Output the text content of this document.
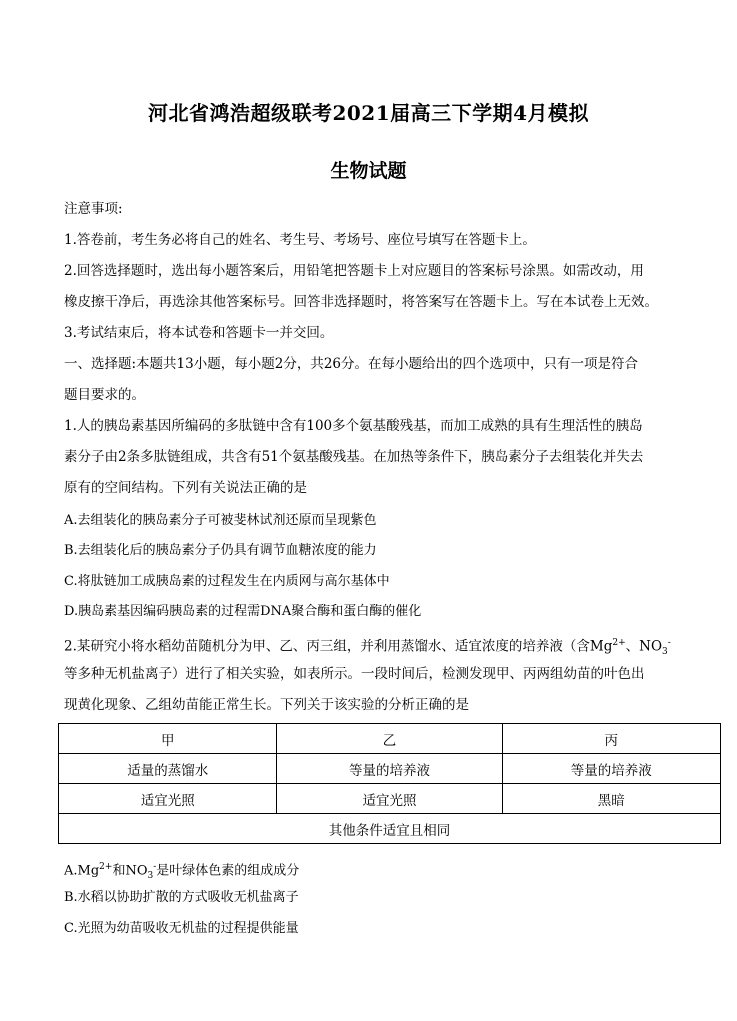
河北省鸿浩超级联考2021届高三下学期4月模拟
生物试题
注意事项:
1.答卷前，考生务必将自己的姓名、考生号、考场号、座位号填写在答题卡上。
2.回答选择题时，选出每小题答案后，用铅笔把答题卡上对应题目的答案标号涂黑。如需改动，用
橡皮擦干净后，再选涂其他答案标号。回答非选择题时，将答案写在答题卡上。写在本试卷上无效。
3.考试结束后，将本试卷和答题卡一并交回。
一、选择题:本题共13小题，每小题2分，共26分。在每小题给出的四个选项中，只有一项是符合
题目要求的。
1.人的胰岛素基因所编码的多肽链中含有100多个氨基酸残基，而加工成熟的具有生理活性的胰岛
素分子由2条多肽链组成，共含有51个氨基酸残基。在加热等条件下，胰岛素分子去组装化并失去
原有的空间结构。下列有关说法正确的是
A.去组装化的胰岛素分子可被斐林试剂还原而呈现紫色
B.去组装化后的胰岛素分子仍具有调节血糖浓度的能力
C.将肽链加工成胰岛素的过程发生在内质网与高尔基体中
D.胰岛素基因编码胰岛素的过程需DNA聚合酶和蛋白酶的催化
2.某研究小将水稻幼苗随机分为甲、乙、丙三组，并利用蒸馏水、适宜浓度的培养液（含$Mg^{2+}$、$NO_3^-$
等多种无机盐离子）进行了相关实验，如表所示。一段时间后，检测发现甲、丙两组幼苗的叶色出
现黄化现象、乙组幼苗能正常生长。下列关于该实验的分析正确的是
甲	乙	丙
适量的蒸馏水	等量的培养液	等量的培养液
适宜光照	适宜光照	黑暗
其他条件适宜且相同		
$A.Mg^{2+}$和$NO_3^-$是叶绿体色素的组成成分
B.水稻以协助扩散的方式吸收无机盐离子
C.光照为幼苗吸收无机盐的过程提供能量
